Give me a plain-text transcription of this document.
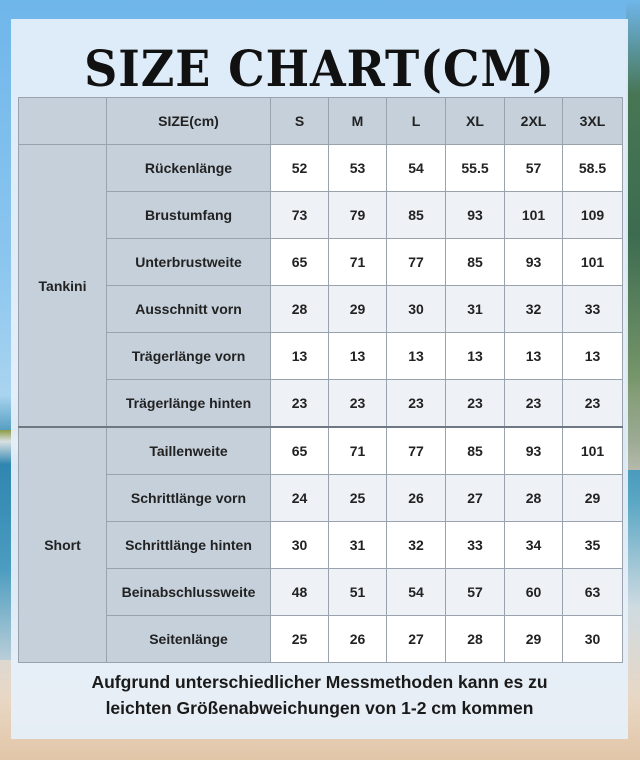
SIZE CHART(CM)
	SIZE(cm)	S	M	L	XL	2XL	3XL
Tankini	Rückenlänge	52	53	54	55.5	57	58.5
	Brustumfang	73	79	85	93	101	109
	Unterbrustweite	65	71	77	85	93	101
	Ausschnitt vorn	28	29	30	31	32	33
	Trägerlänge vorn	13	13	13	13	13	13
	Trägerlänge hinten	23	23	23	23	23	23
Short	Taillenweite	65	71	77	85	93	101
	Schrittlänge vorn	24	25	26	27	28	29
	Schrittlänge hinten	30	31	32	33	34	35
	Beinabschlussweite	48	51	54	57	60	63
	Seitenlänge	25	26	27	28	29	30
Aufgrund unterschiedlicher Messmethoden kann es zu
leichten Größenabweichungen von 1-2 cm kommen
